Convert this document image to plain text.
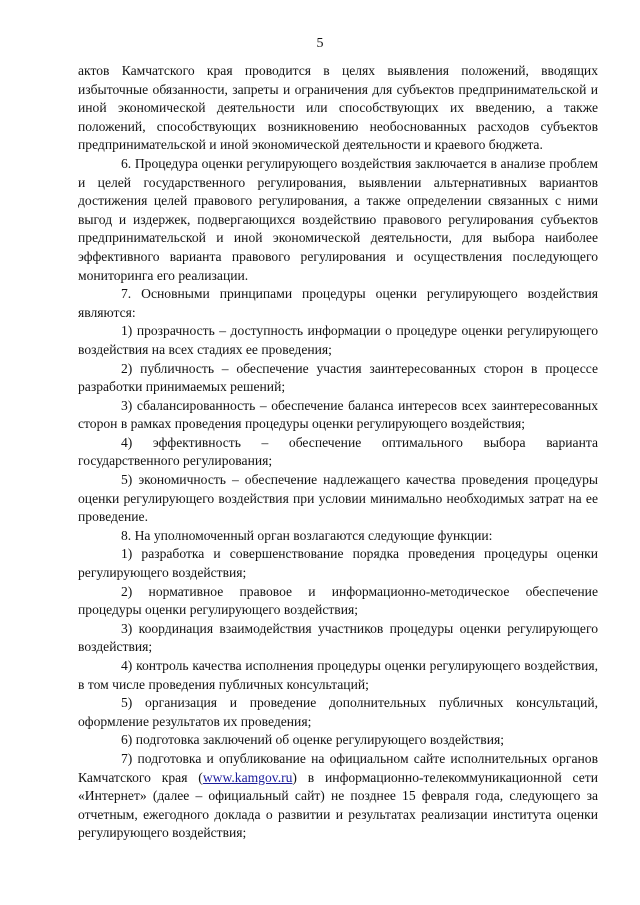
5

актов Камчатского края проводится в целях выявления положений, вводящих избыточные обязанности, запреты и ограничения для субъектов предпринимательской и иной экономической деятельности или способствующих их введению, а также положений, способствующих возникновению необоснованных расходов субъектов предпринимательской и иной экономической деятельности и краевого бюджета.

6. Процедура оценки регулирующего воздействия заключается в анализе проблем и целей государственного регулирования, выявлении альтернативных вариантов достижения целей правового регулирования, а также определении связанных с ними выгод и издержек, подвергающихся воздействию правового регулирования субъектов предпринимательской и иной экономической деятельности, для выбора наиболее эффективного варианта правового регулирования и осуществления последующего мониторинга его реализации.

7. Основными принципами процедуры оценки регулирующего воздействия являются:

1) прозрачность – доступность информации о процедуре оценки регулирующего воздействия на всех стадиях ее проведения;

2) публичность – обеспечение участия заинтересованных сторон в процессе разработки принимаемых решений;

3) сбалансированность – обеспечение баланса интересов всех заинтересованных сторон в рамках проведения процедуры оценки регулирующего воздействия;

4) эффективность – обеспечение оптимального выбора варианта государственного регулирования;

5) экономичность – обеспечение надлежащего качества проведения процедуры оценки регулирующего воздействия при условии минимально необходимых затрат на ее проведение.

8. На уполномоченный орган возлагаются следующие функции:

1) разработка и совершенствование порядка проведения процедуры оценки регулирующего воздействия;

2) нормативное правовое и информационно-методическое обеспечение процедуры оценки регулирующего воздействия;

3) координация взаимодействия участников процедуры оценки регулирующего воздействия;

4) контроль качества исполнения процедуры оценки регулирующего воздействия, в том числе проведения публичных консультаций;

5) организация и проведение дополнительных публичных консультаций, оформление результатов их проведения;

6) подготовка заключений об оценке регулирующего воздействия;

7) подготовка и опубликование на официальном сайте исполнительных органов Камчатского края (www.kamgov.ru) в информационно-телекоммуникационной сети «Интернет» (далее – официальный сайт) не позднее 15 февраля года, следующего за отчетным, ежегодного доклада о развитии и результатах реализации института оценки регулирующего воздействия;
